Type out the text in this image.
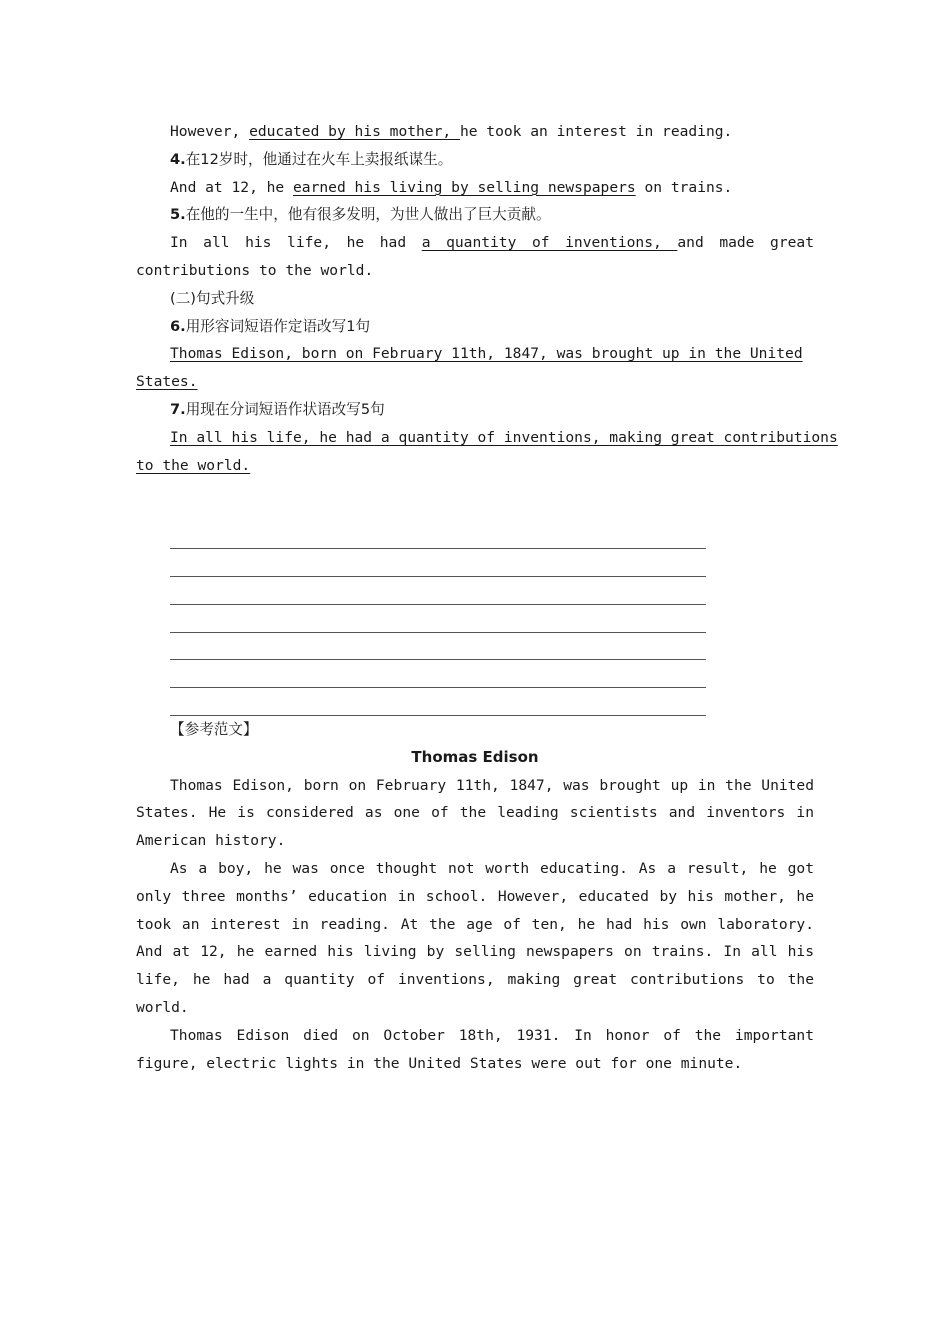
However, educated by his mother, he took an interest in reading.
4.在12岁时，他通过在火车上卖报纸谋生。
And at 12, he earned his living by selling newspapers on trains.
5.在他的一生中，他有很多发明，为世人做出了巨大贡献。
In all his life, he had a quantity of inventions, and made great
contributions to the world.
(二)句式升级
6.用形容词短语作定语改写1句
Thomas Edison, born on February 11th, 1847, was brought up in the United
States.
7.用现在分词短语作状语改写5句
In all his life, he had a quantity of inventions, making great contributions
to the world.
【参考范文】
Thomas Edison
Thomas Edison, born on February 11th, 1847, was brought up in the United States. He is considered as one of the leading scientists and inventors in American history.
As a boy, he was once thought not worth educating. As a result, he got only three months’ education in school. However, educated by his mother, he took an interest in reading. At the age of ten, he had his own laboratory. And at 12, he earned his living by selling newspapers on trains. In all his life, he had a quantity of inventions, making great contributions to the world.
Thomas Edison died on October 18th, 1931. In honor of the important figure, electric lights in the United States were out for one minute.
